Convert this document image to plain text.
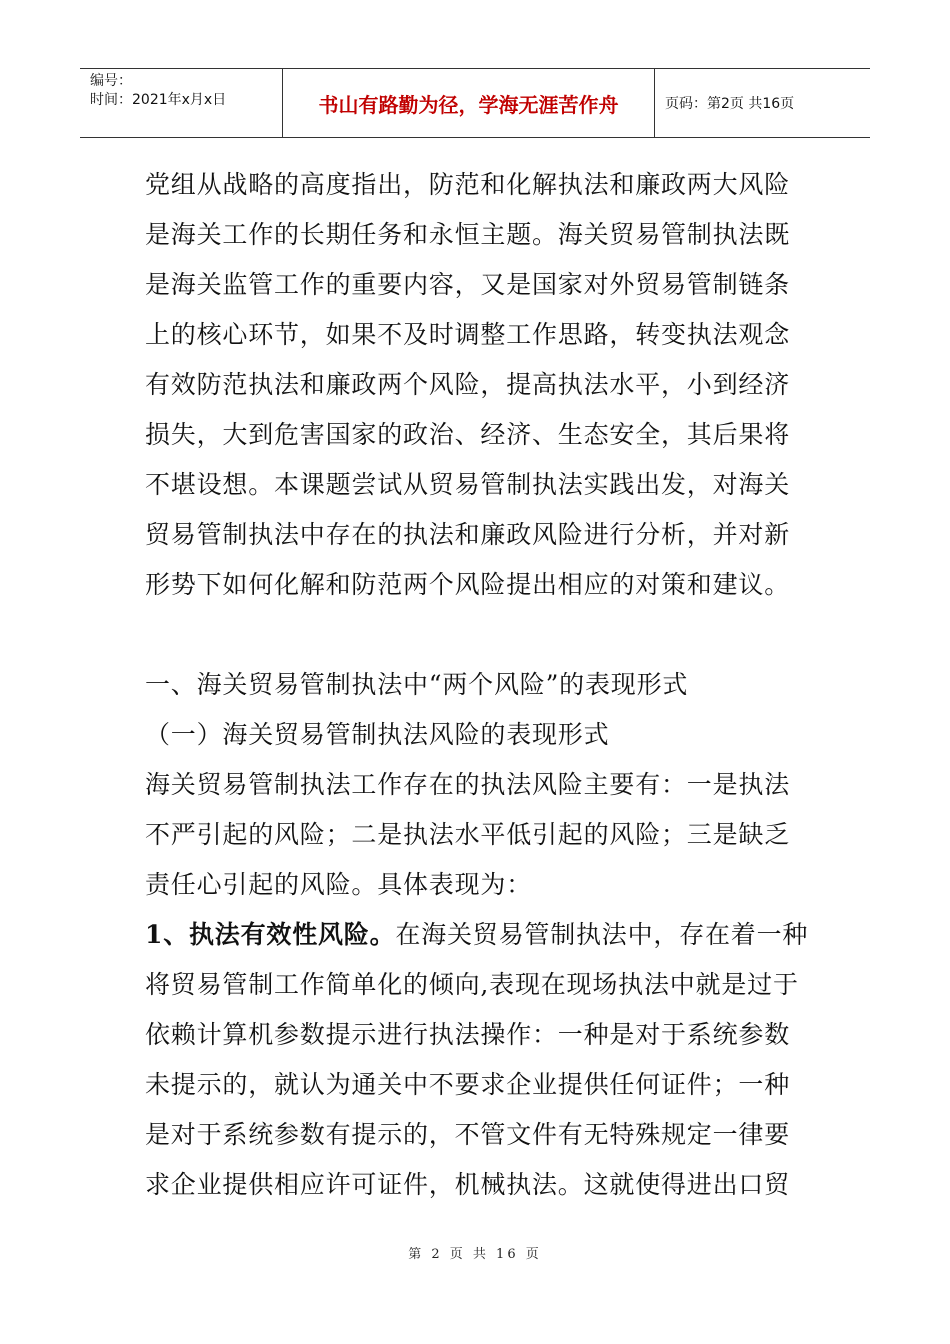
编号：
时间：2021年x月x日	书山有路勤为径，学海无涯苦作舟	页码：第2页 共16页

党组从战略的高度指出，防范和化解执法和廉政两大风险是海关工作的长期任务和永恒主题。海关贸易管制执法既是海关监管工作的重要内容，又是国家对外贸易管制链条上的核心环节，如果不及时调整工作思路，转变执法观念有效防范执法和廉政两个风险，提高执法水平，小到经济损失，大到危害国家的政治、经济、生态安全，其后果将不堪设想。本课题尝试从贸易管制执法实践出发，对海关贸易管制执法中存在的执法和廉政风险进行分析，并对新形势下如何化解和防范两个风险提出相应的对策和建议。

一、海关贸易管制执法中“两个风险”的表现形式

（一）海关贸易管制执法风险的表现形式

海关贸易管制执法工作存在的执法风险主要有：一是执法不严引起的风险；二是执法水平低引起的风险；三是缺乏责任心引起的风险。具体表现为：

1、执法有效性风险。在海关贸易管制执法中，存在着一种将贸易管制工作简单化的倾向,表现在现场执法中就是过于依赖计算机参数提示进行执法操作：一种是对于系统参数未提示的，就认为通关中不要求企业提供任何证件；一种是对于系统参数有提示的，不管文件有无特殊规定一律要求企业提供相应许可证件，机械执法。这就使得进出口贸

第 2 页 共 16 页
